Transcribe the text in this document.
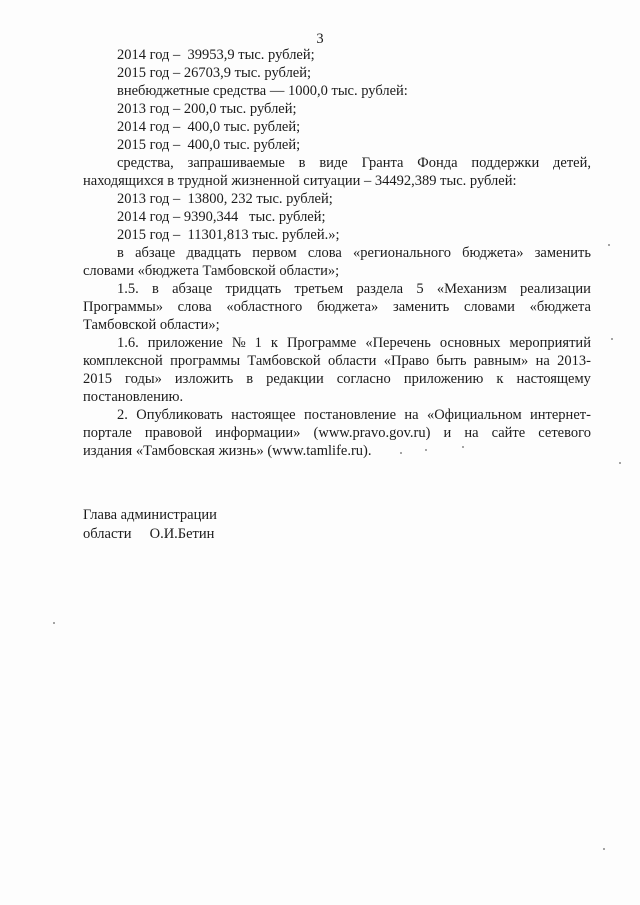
3
2014 год –  39953,9 тыс. рублей;
2015 год – 26703,9 тыс. рублей;
внебюджетные средства — 1000,0 тыс. рублей:
2013 год – 200,0 тыс. рублей;
2014 год –  400,0 тыс. рублей;
2015 год –  400,0 тыс. рублей;
средства, запрашиваемые в виде Гранта Фонда поддержки детей,
находящихся в трудной жизненной ситуации – 34492,389 тыс. рублей:
2013 год –  13800, 232 тыс. рублей;
2014 год – 9390,344   тыс. рублей;
2015 год –  11301,813 тыс. рублей.»;
в абзаце двадцать первом слова «регионального бюджета» заменить
словами «бюджета Тамбовской области»;
1.5. в абзаце тридцать третьем раздела 5 «Механизм реализации
Программы» слова «областного бюджета» заменить словами «бюджета
Тамбовской области»;
1.6. приложение № 1 к Программе «Перечень основных мероприятий
комплексной программы Тамбовской области «Право быть равным» на 2013-
2015 годы» изложить в редакции согласно приложению к настоящему
постановлению.
2. Опубликовать настоящее постановление на «Официальном интернет-
портале правовой информации» (www.pravo.gov.ru) и на сайте сетевого
издания «Тамбовская жизнь» (www.tamlife.ru).
Глава администрации
области     О.И.Бетин
